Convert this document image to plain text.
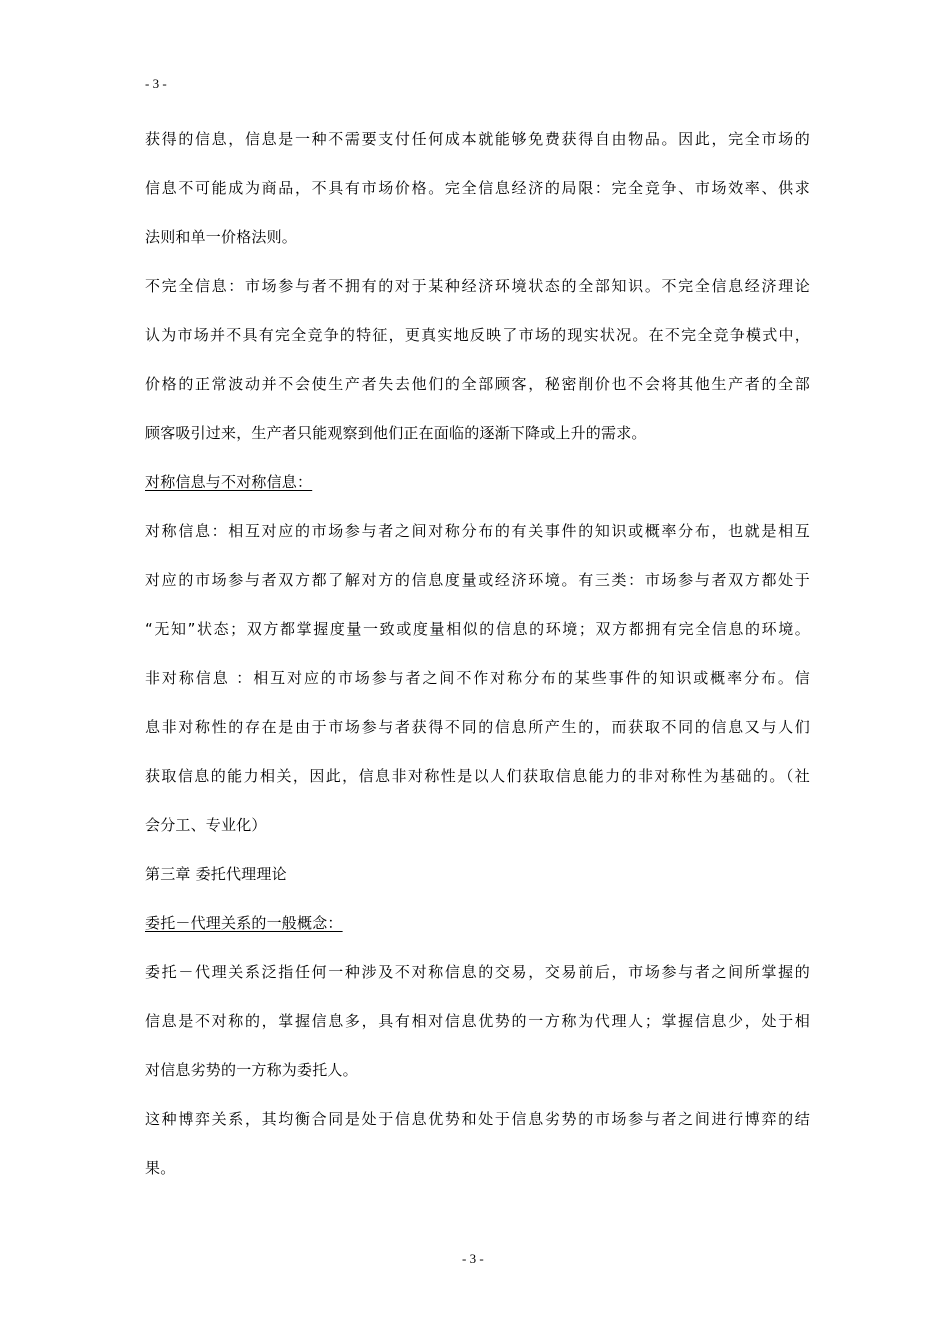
- 3 -
获得的信息，信息是一种不需要支付任何成本就能够免费获得自由物品。因此，完全市场的
信息不可能成为商品，不具有市场价格。完全信息经济的局限：完全竞争、市场效率、供求
法则和单一价格法则。
不完全信息：市场参与者不拥有的对于某种经济环境状态的全部知识。不完全信息经济理论
认为市场并不具有完全竞争的特征，更真实地反映了市场的现实状况。在不完全竞争模式中，
价格的正常波动并不会使生产者失去他们的全部顾客，秘密削价也不会将其他生产者的全部
顾客吸引过来，生产者只能观察到他们正在面临的逐渐下降或上升的需求。
对称信息与不对称信息：
对称信息：相互对应的市场参与者之间对称分布的有关事件的知识或概率分布，也就是相互
对应的市场参与者双方都了解对方的信息度量或经济环境。有三类：市场参与者双方都处于
“无知”状态；双方都掌握度量一致或度量相似的信息的环境；双方都拥有完全信息的环境。
非对称信息 ：相互对应的市场参与者之间不作对称分布的某些事件的知识或概率分布。信
息非对称性的存在是由于市场参与者获得不同的信息所产生的，而获取不同的信息又与人们
获取信息的能力相关，因此，信息非对称性是以人们获取信息能力的非对称性为基础的。（社
会分工、专业化）
第三章 委托代理理论
委托－代理关系的一般概念：
委托－代理关系泛指任何一种涉及不对称信息的交易，交易前后，市场参与者之间所掌握的
信息是不对称的，掌握信息多，具有相对信息优势的一方称为代理人；掌握信息少，处于相
对信息劣势的一方称为委托人。
这种博弈关系，其均衡合同是处于信息优势和处于信息劣势的市场参与者之间进行博弈的结
果。
- 3 -
